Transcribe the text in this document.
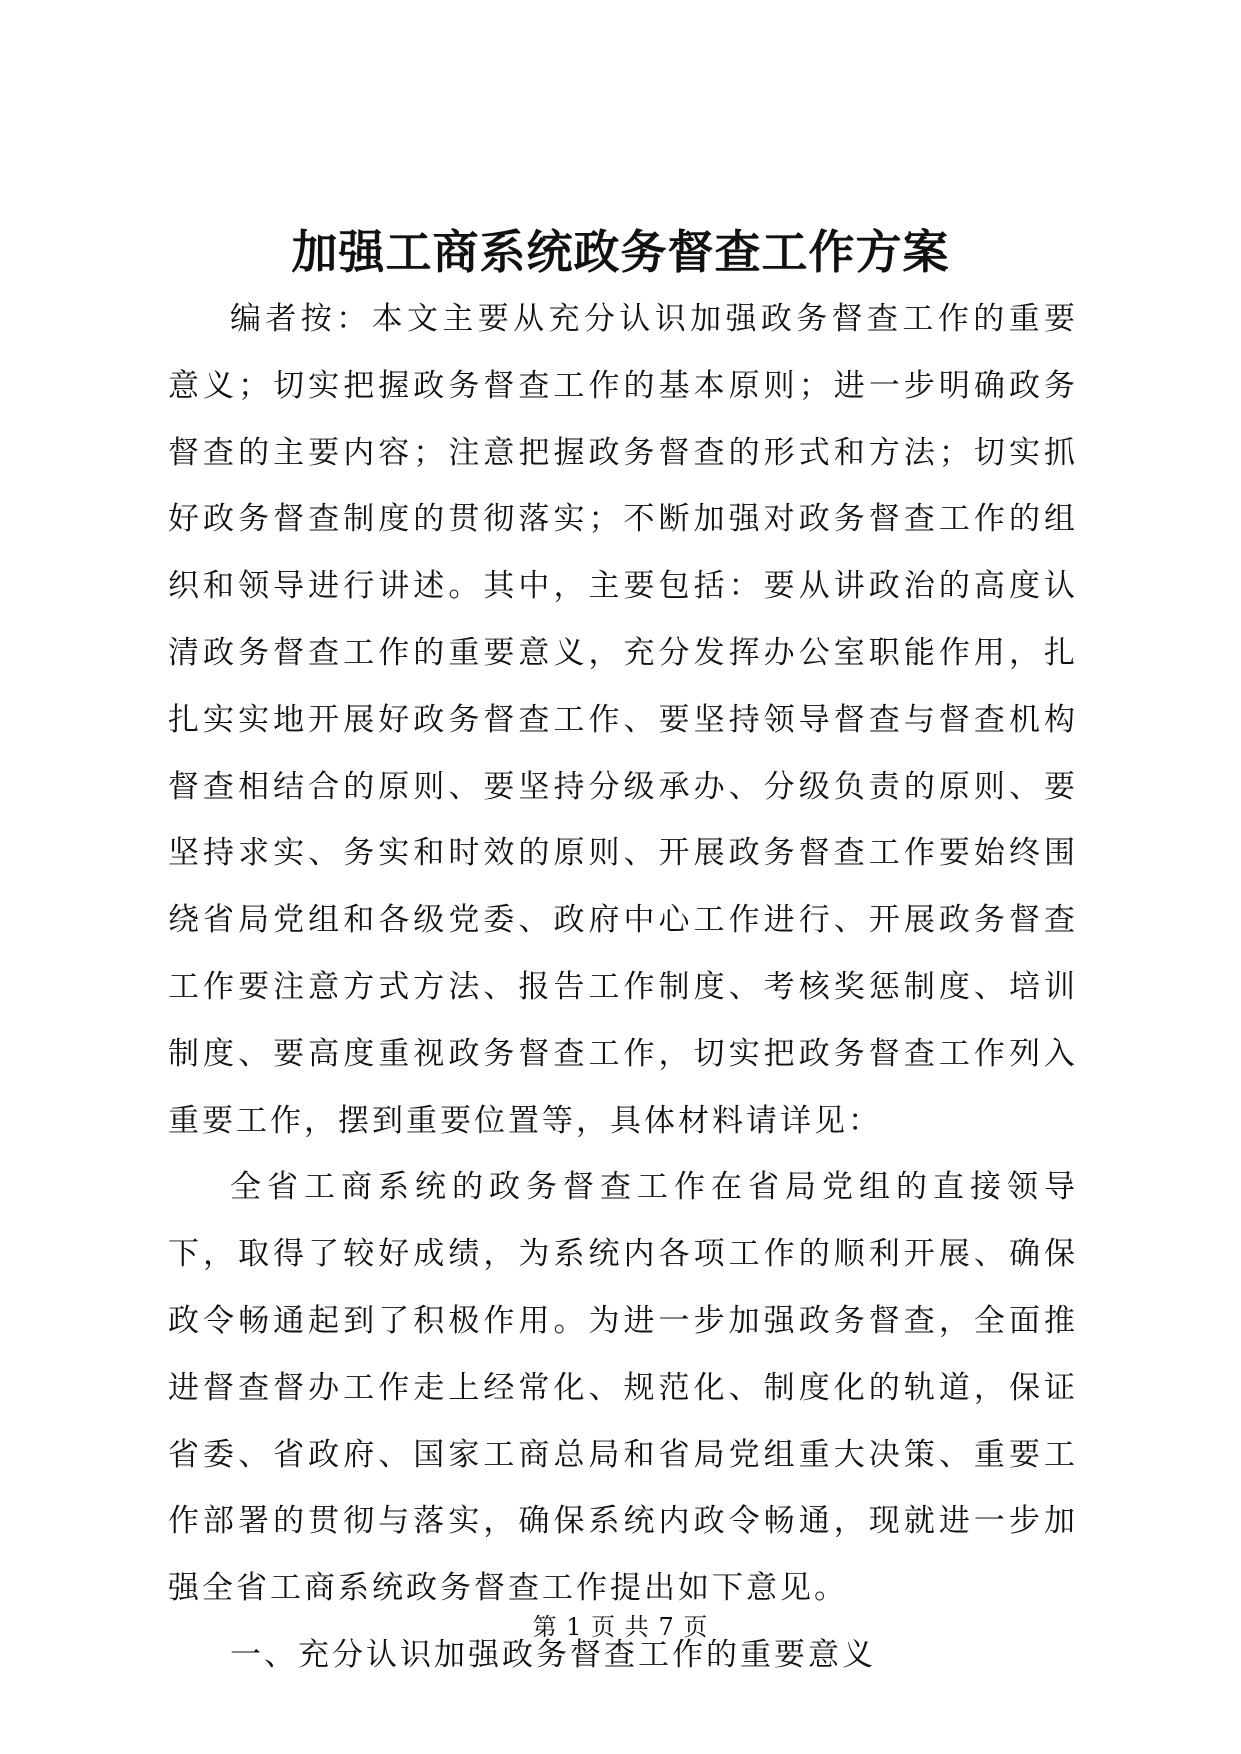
加强工商系统政务督查工作方案

编者按：本文主要从充分认识加强政务督查工作的重要意义；切实把握政务督查工作的基本原则；进一步明确政务督查的主要内容；注意把握政务督查的形式和方法；切实抓好政务督查制度的贯彻落实；不断加强对政务督查工作的组织和领导进行讲述。其中，主要包括：要从讲政治的高度认清政务督查工作的重要意义，充分发挥办公室职能作用，扎扎实实地开展好政务督查工作、要坚持领导督查与督查机构督查相结合的原则、要坚持分级承办、分级负责的原则、要坚持求实、务实和时效的原则、开展政务督查工作要始终围绕省局党组和各级党委、政府中心工作进行、开展政务督查工作要注意方式方法、报告工作制度、考核奖惩制度、培训制度、要高度重视政务督查工作，切实把政务督查工作列入重要工作，摆到重要位置等，具体材料请详见：

全省工商系统的政务督查工作在省局党组的直接领导下，取得了较好成绩，为系统内各项工作的顺利开展、确保政令畅通起到了积极作用。为进一步加强政务督查，全面推进督查督办工作走上经常化、规范化、制度化的轨道，保证省委、省政府、国家工商总局和省局党组重大决策、重要工作部署的贯彻与落实，确保系统内政令畅通，现就进一步加强全省工商系统政务督查工作提出如下意见。

一、充分认识加强政务督查工作的重要意义

第 1 页 共 7 页
